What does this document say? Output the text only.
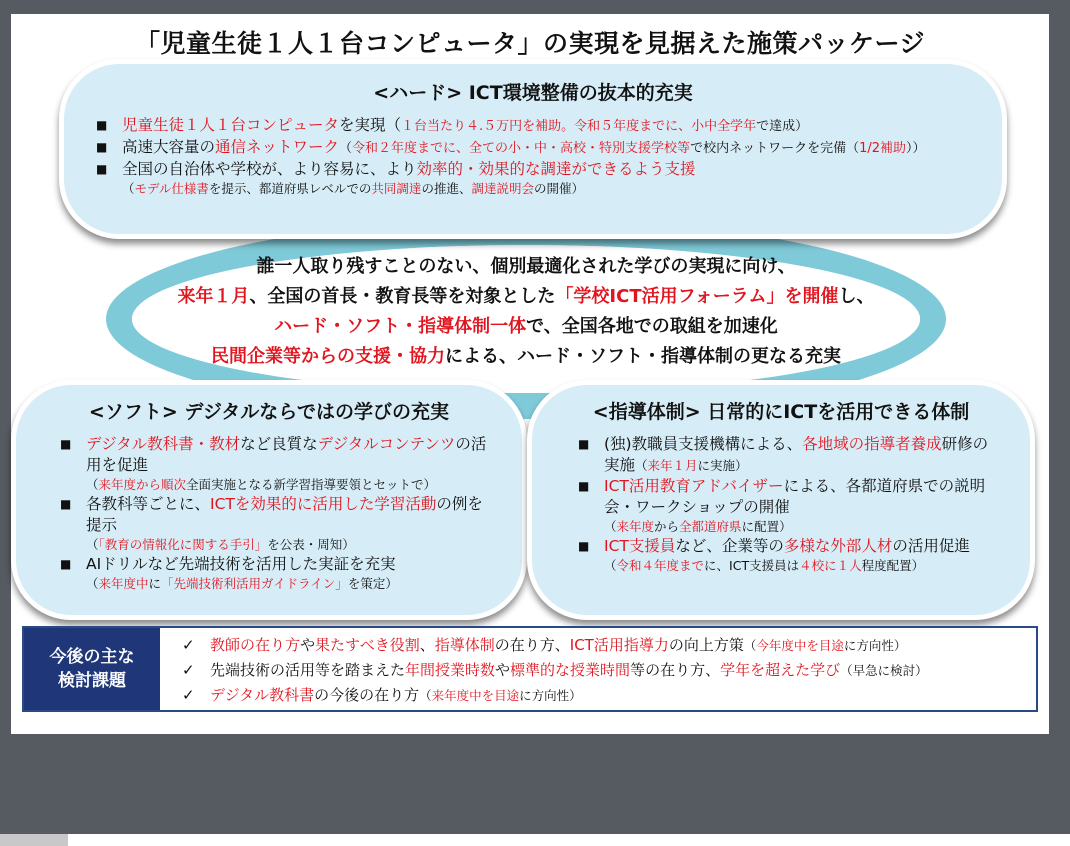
「児童生徒１人１台コンピュータ」の実現を見据えた施策パッケージ
<ハード> ICT環境整備の抜本的充実
■ 児童生徒１人１台コンピュータを実現（１台当たり４.５万円を補助。令和５年度までに、小中全学年で達成）
■ 高速大容量の通信ネットワーク（令和２年度までに、全ての小・中・高校・特別支援学校等で校内ネットワークを完備（1/2補助））
■ 全国の自治体や学校が、より容易に、より効率的・効果的な調達ができるよう支援
（モデル仕様書を提示、都道府県レベルでの共同調達の推進、調達説明会の開催）
誰一人取り残すことのない、個別最適化された学びの実現に向け、
来年１月、全国の首長・教育長等を対象とした「学校ICT活用フォーラム」を開催し、
ハード・ソフト・指導体制一体で、全国各地での取組を加速化
民間企業等からの支援・協力による、ハード・ソフト・指導体制の更なる充実
<ソフト> デジタルならではの学びの充実
■ デジタル教科書・教材など良質なデジタルコンテンツの活用を促進
（来年度から順次全面実施となる新学習指導要領とセットで）
■ 各教科等ごとに、ICTを効果的に活用した学習活動の例を提示
（「教育の情報化に関する手引」を公表・周知）
■ AIドリルなど先端技術を活用した実証を充実
（来年度中に「先端技術利活用ガイドライン」を策定）
<指導体制> 日常的にICTを活用できる体制
■ (独)教職員支援機構による、各地域の指導者養成研修の実施（来年１月に実施）
■ ICT活用教育アドバイザーによる、各都道府県での説明会・ワークショップの開催
（来年度から全都道府県に配置）
■ ICT支援員など、企業等の多様な外部人材の活用促進
（令和４年度までに、ICT支援員は４校に１人程度配置）
今後の主な
検討課題
✓ 教師の在り方や果たすべき役割、指導体制の在り方、ICT活用指導力の向上方策（今年度中を目途に方向性）
✓ 先端技術の活用等を踏まえた年間授業時数や標準的な授業時間等の在り方、学年を超えた学び（早急に検討）
✓ デジタル教科書の今後の在り方（来年度中を目途に方向性）
